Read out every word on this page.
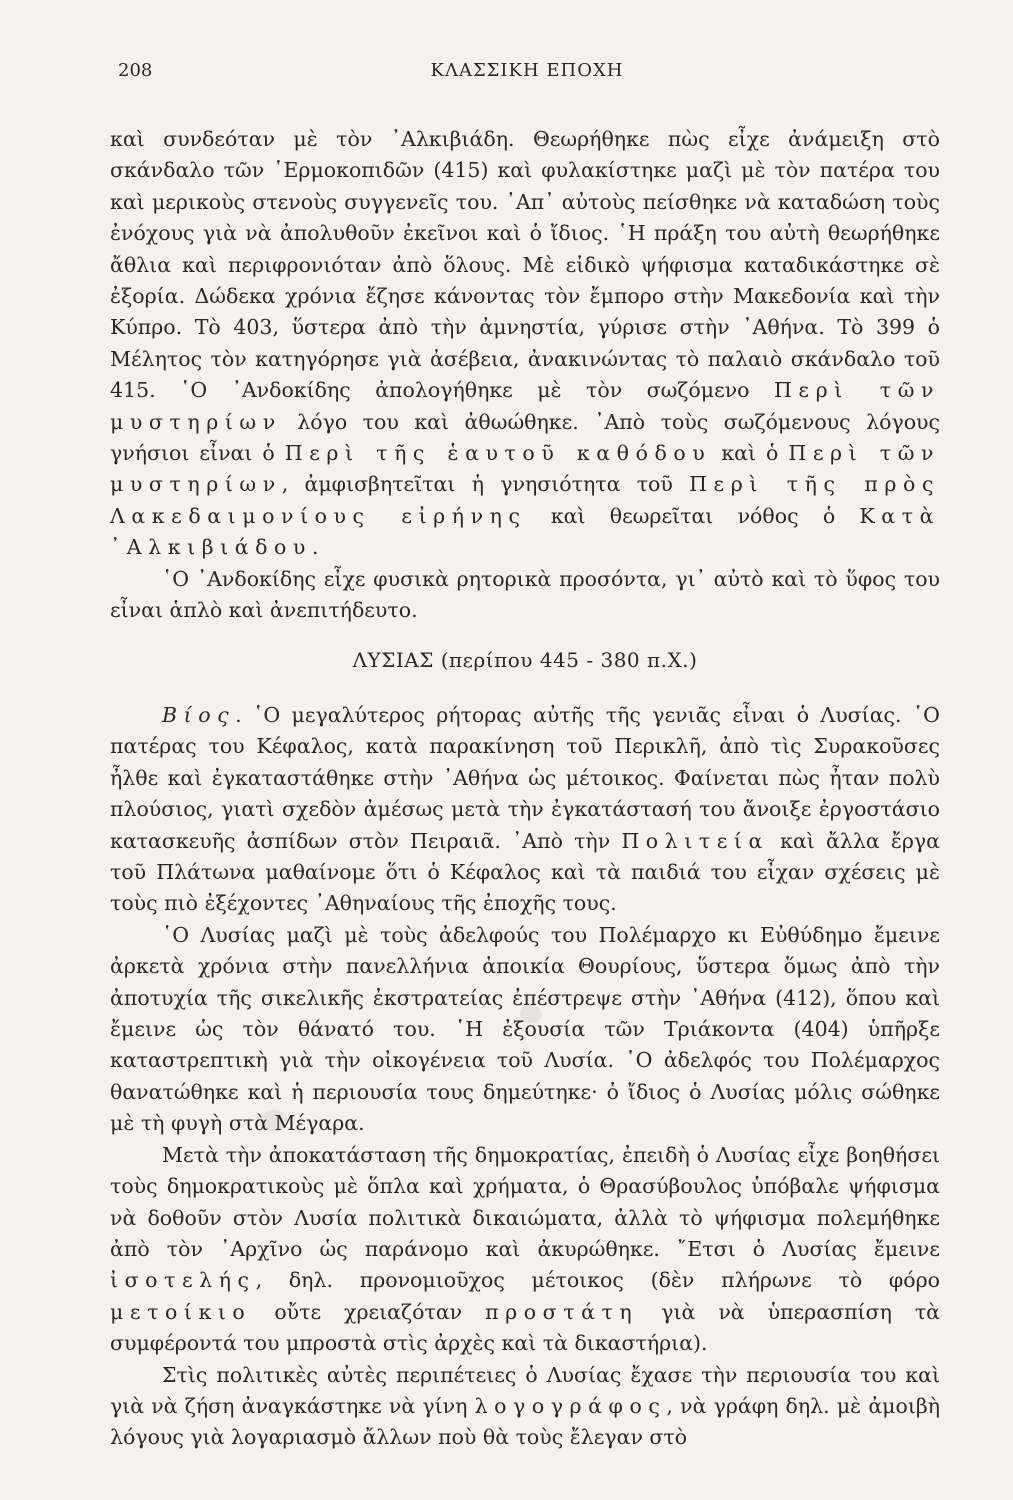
208	ΚΛΑΣΣΙΚΗ ΕΠΟΧΗ

καὶ συνδεόταν μὲ τὸν ᾿Αλκιβιάδη. Θεωρήθηκε πὼς εἶχε ἀνάμειξη στὸ σκάνδαλο τῶν ῾Ερμοκοπιδῶν (415) καὶ φυλακίστηκε μαζὶ μὲ τὸν πατέρα του καὶ μερικοὺς στενοὺς συγγενεῖς του. ᾿Απ᾿ αὐτοὺς πείσθηκε νὰ καταδώση τοὺς ἐνόχους γιὰ νὰ ἀπολυθοῦν ἐκεῖνοι καὶ ὁ ἴδιος. ῾Η πράξη του αὐτὴ θεωρήθηκε ἄθλια καὶ περιφρονιόταν ἀπὸ ὅλους. Μὲ εἰδικὸ ψήφισμα καταδικάστηκε σὲ ἐξορία. Δώδεκα χρόνια ἔζησε κάνοντας τὸν ἔμπορο στὴν Μακεδονία καὶ τὴν Κύπρο. Τὸ 403, ὕστερα ἀπὸ τὴν ἀμνηστία, γύρισε στὴν ᾿Αθήνα. Τὸ 399 ὁ Μέλητος τὸν κατηγόρησε γιὰ ἀσέβεια, ἀνακινώντας τὸ παλαιὸ σκάνδαλο τοῦ 415. ῾Ο ᾿Ανδοκίδης ἀπολογήθηκε μὲ τὸν σωζόμενο Περὶ τῶν μυστηρίων λόγο του καὶ ἀθωώθηκε. ᾿Απὸ τοὺς σωζόμενους λόγους γνήσιοι εἶναι ὁ Περὶ τῆς ἑαυτοῦ καθόδου καὶ ὁ Περὶ τῶν μυστηρίων, ἀμφισβητεῖται ἡ γνησιότητα τοῦ Περὶ τῆς πρὸς Λακεδαιμονίους εἰρήνης καὶ θεωρεῖται νόθος ὁ Κατὰ ᾿Αλκιβιάδου.

῾Ο ᾿Ανδοκίδης εἶχε φυσικὰ ρητορικὰ προσόντα, γι᾿ αὐτὸ καὶ τὸ ὕφος του εἶναι ἁπλὸ καὶ ἀνεπιτήδευτο.

ΛΥΣΙΑΣ (περίπου 445 - 380 π.Χ.)

Βίος. ῾Ο μεγαλύτερος ρήτορας αὐτῆς τῆς γενιᾶς εἶναι ὁ Λυσίας. ῾Ο πατέρας του Κέφαλος, κατὰ παρακίνηση τοῦ Περικλῆ, ἀπὸ τὶς Συρακοῦσες ἦλθε καὶ ἐγκαταστάθηκε στὴν ᾿Αθήνα ὡς μέτοικος. Φαίνεται πὼς ἦταν πολὺ πλούσιος, γιατὶ σχεδὸν ἀμέσως μετὰ τὴν ἐγκατάστασή του ἄνοιξε ἐργοστάσιο κατασκευῆς ἀσπίδων στὸν Πειραιᾶ. ᾿Απὸ τὴν Πολιτεία καὶ ἄλλα ἔργα τοῦ Πλάτωνα μαθαίνομε ὅτι ὁ Κέφαλος καὶ τὰ παιδιά του εἶχαν σχέσεις μὲ τοὺς πιὸ ἐξέχοντες ᾿Αθηναίους τῆς ἐποχῆς τους.

῾Ο Λυσίας μαζὶ μὲ τοὺς ἀδελφούς του Πολέμαρχο κι Εὐθύδημο ἔμεινε ἀρκετὰ χρόνια στὴν πανελλήνια ἀποικία Θουρίους, ὕστερα ὅμως ἀπὸ τὴν ἀποτυχία τῆς σικελικῆς ἐκστρατείας ἐπέστρεψε στὴν ᾿Αθήνα (412), ὅπου καὶ ἔμεινε ὡς τὸν θάνατό του. ῾Η ἐξουσία τῶν Τριάκοντα (404) ὑπῆρξε καταστρεπτικὴ γιὰ τὴν οἰκογένεια τοῦ Λυσία. ῾Ο ἀδελφός του Πολέμαρχος θανατώθηκε καὶ ἡ περιουσία τους δημεύτηκε· ὁ ἴδιος ὁ Λυσίας μόλις σώθηκε μὲ τὴ φυγὴ στὰ Μέγαρα.

Μετὰ τὴν ἀποκατάσταση τῆς δημοκρατίας, ἐπειδὴ ὁ Λυσίας εἶχε βοηθήσει τοὺς δημοκρατικοὺς μὲ ὅπλα καὶ χρήματα, ὁ Θρασύβουλος ὑπόβαλε ψήφισμα νὰ δοθοῦν στὸν Λυσία πολιτικὰ δικαιώματα, ἀλλὰ τὸ ψήφισμα πολεμήθηκε ἀπὸ τὸν ᾿Αρχῖνο ὡς παράνομο καὶ ἀκυρώθηκε. ῎Ετσι ὁ Λυσίας ἔμεινε ἰσοτελής, δηλ. προνομιοῦχος μέτοικος (δὲν πλήρωνε τὸ φόρο μετοίκιο οὔτε χρειαζόταν προστάτη γιὰ νὰ ὑπερασπίση τὰ συμφέροντά του μπροστὰ στὶς ἀρχὲς καὶ τὰ δικαστήρια).

Στὶς πολιτικὲς αὐτὲς περιπέτειες ὁ Λυσίας ἔχασε τὴν περιουσία του καὶ γιὰ νὰ ζήση ἀναγκάστηκε νὰ γίνη λογογράφος, νὰ γράφη δηλ. μὲ ἀμοιβὴ λόγους γιὰ λογαριασμὸ ἄλλων ποὺ θὰ τοὺς ἔλεγαν στὸ
